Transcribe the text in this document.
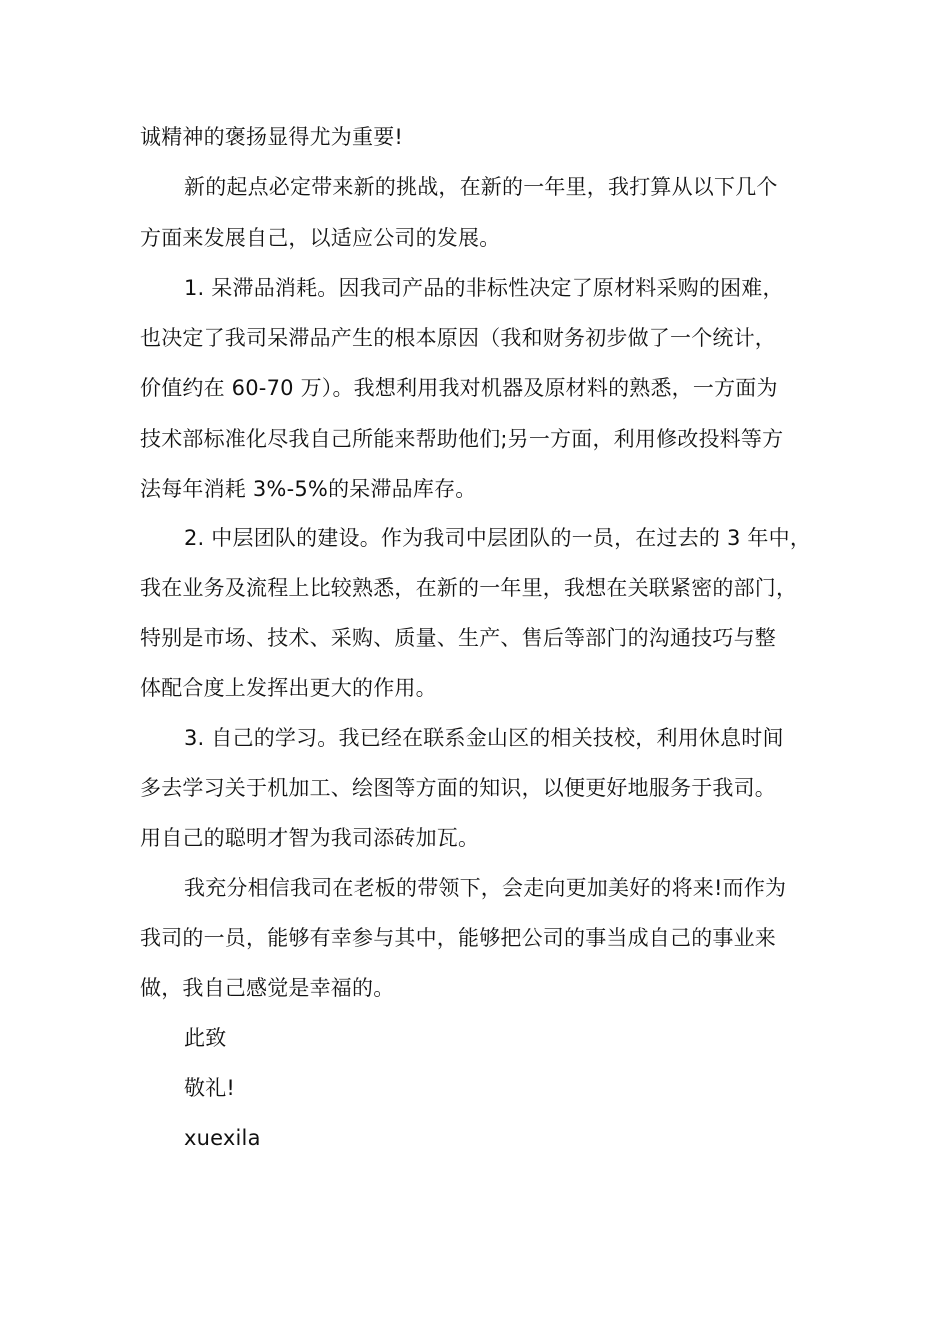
诚精神的褒扬显得尤为重要!
新的起点必定带来新的挑战，在新的一年里，我打算从以下几个
方面来发展自己，以适应公司的发展。
1. 呆滞品消耗。因我司产品的非标性决定了原材料采购的困难，
也决定了我司呆滞品产生的根本原因（我和财务初步做了一个统计，
价值约在 60-70 万）。我想利用我对机器及原材料的熟悉，一方面为
技术部标准化尽我自己所能来帮助他们;另一方面，利用修改投料等方
法每年消耗 3%-5%的呆滞品库存。
2. 中层团队的建设。作为我司中层团队的一员，在过去的 3 年中，
我在业务及流程上比较熟悉，在新的一年里，我想在关联紧密的部门，
特别是市场、技术、采购、质量、生产、售后等部门的沟通技巧与整
体配合度上发挥出更大的作用。
3. 自己的学习。我已经在联系金山区的相关技校，利用休息时间
多去学习关于机加工、绘图等方面的知识，以便更好地服务于我司。
用自己的聪明才智为我司添砖加瓦。
我充分相信我司在老板的带领下，会走向更加美好的将来!而作为
我司的一员，能够有幸参与其中，能够把公司的事当成自己的事业来
做，我自己感觉是幸福的。
此致
敬礼!
xuexila
